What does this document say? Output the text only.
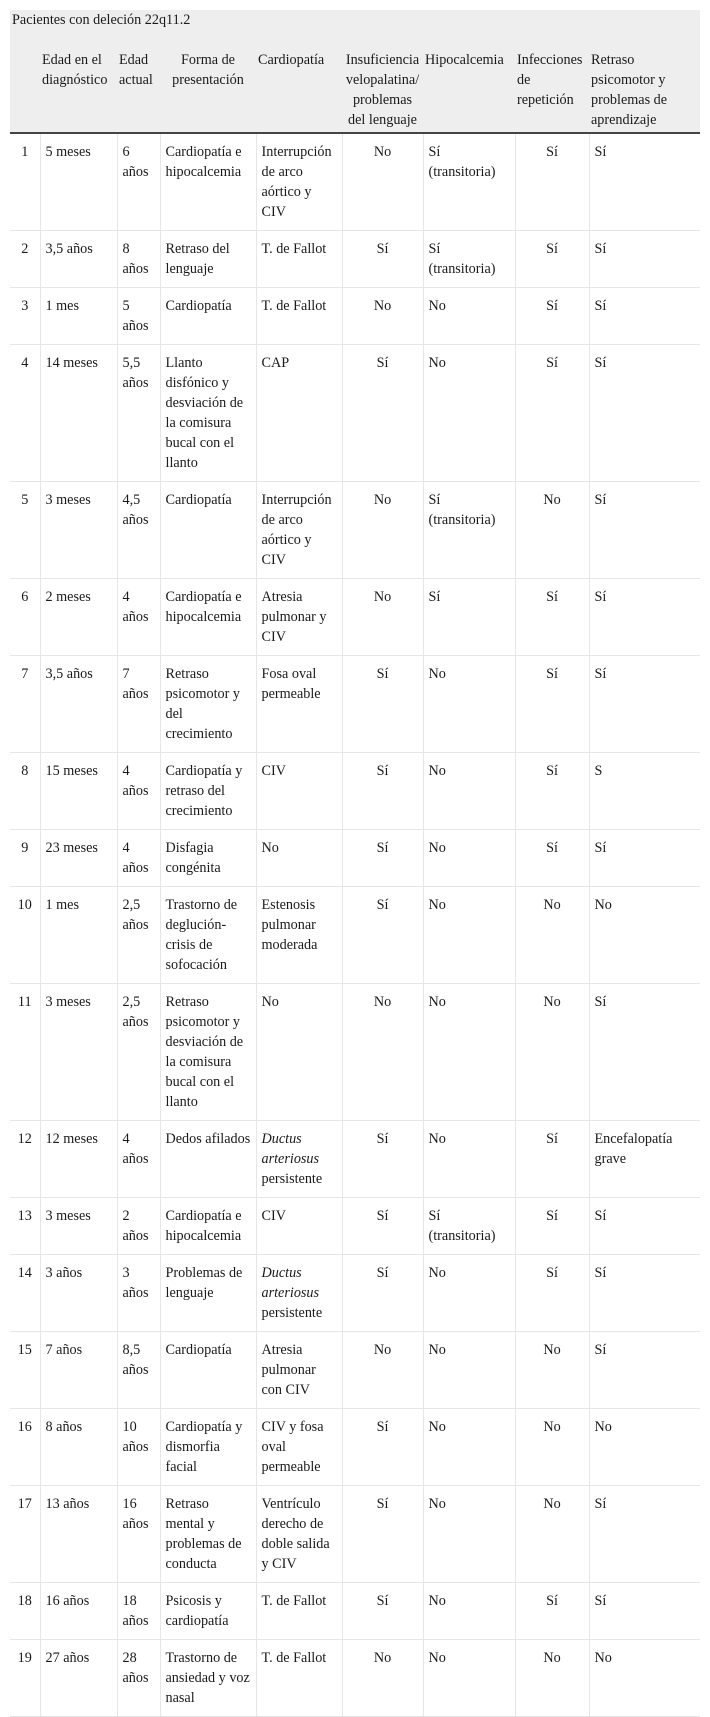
Pacientes con deleción 22q11.2								
	Edad en el diagnóstico	Edad actual	Forma de presentación	Cardiopatía	Insuficiencia velopalatina/ problemas del lenguaje	Hipocalcemia	Infecciones de repetición	Retraso psicomotor y problemas de aprendizaje
1	5 meses	6 años	Cardiopatía e hipocalcemia	Interrupción de arco aórtico y CIV	No	Sí (transitoria)	Sí	Sí
2	3,5 años	8 años	Retraso del lenguaje	T. de Fallot	Sí	Sí (transitoria)	Sí	Sí
3	1 mes	5 años	Cardiopatía	T. de Fallot	No	No	Sí	Sí
4	14 meses	5,5 años	Llanto disfónico y desviación de la comisura bucal con el llanto	CAP	Sí	No	Sí	Sí
5	3 meses	4,5 años	Cardiopatía	Interrupción de arco aórtico y CIV	No	Sí (transitoria)	No	Sí
6	2 meses	4 años	Cardiopatía e hipocalcemia	Atresia pulmonar y CIV	No	Sí	Sí	Sí
7	3,5 años	7 años	Retraso psicomotor y del crecimiento	Fosa oval permeable	Sí	No	Sí	Sí
8	15 meses	4 años	Cardiopatía y retraso del crecimiento	CIV	Sí	No	Sí	S
9	23 meses	4 años	Disfagia congénita	No	Sí	No	Sí	Sí
10	1 mes	2,5 años	Trastorno de deglución-crisis de sofocación	Estenosis pulmonar moderada	Sí	No	No	No
11	3 meses	2,5 años	Retraso psicomotor y desviación de la comisura bucal con el llanto	No	No	No	No	Sí
12	12 meses	4 años	Dedos afilados	Ductus arteriosus persistente	Sí	No	Sí	Encefalopatía grave
13	3 meses	2 años	Cardiopatía e hipocalcemia	CIV	Sí	Sí (transitoria)	Sí	Sí
14	3 años	3 años	Problemas de lenguaje	Ductus arteriosus persistente	Sí	No	Sí	Sí
15	7 años	8,5 años	Cardiopatía	Atresia pulmonar con CIV	No	No	No	Sí
16	8 años	10 años	Cardiopatía y dismorfia facial	CIV y fosa oval permeable	Sí	No	No	No
17	13 años	16 años	Retraso mental y problemas de conducta	Ventrículo derecho de doble salida y CIV	Sí	No	No	Sí
18	16 años	18 años	Psicosis y cardiopatía	T. de Fallot	Sí	No	Sí	Sí
19	27 años	28 años	Trastorno de ansiedad y voz nasal	T. de Fallot	No	No	No	No
